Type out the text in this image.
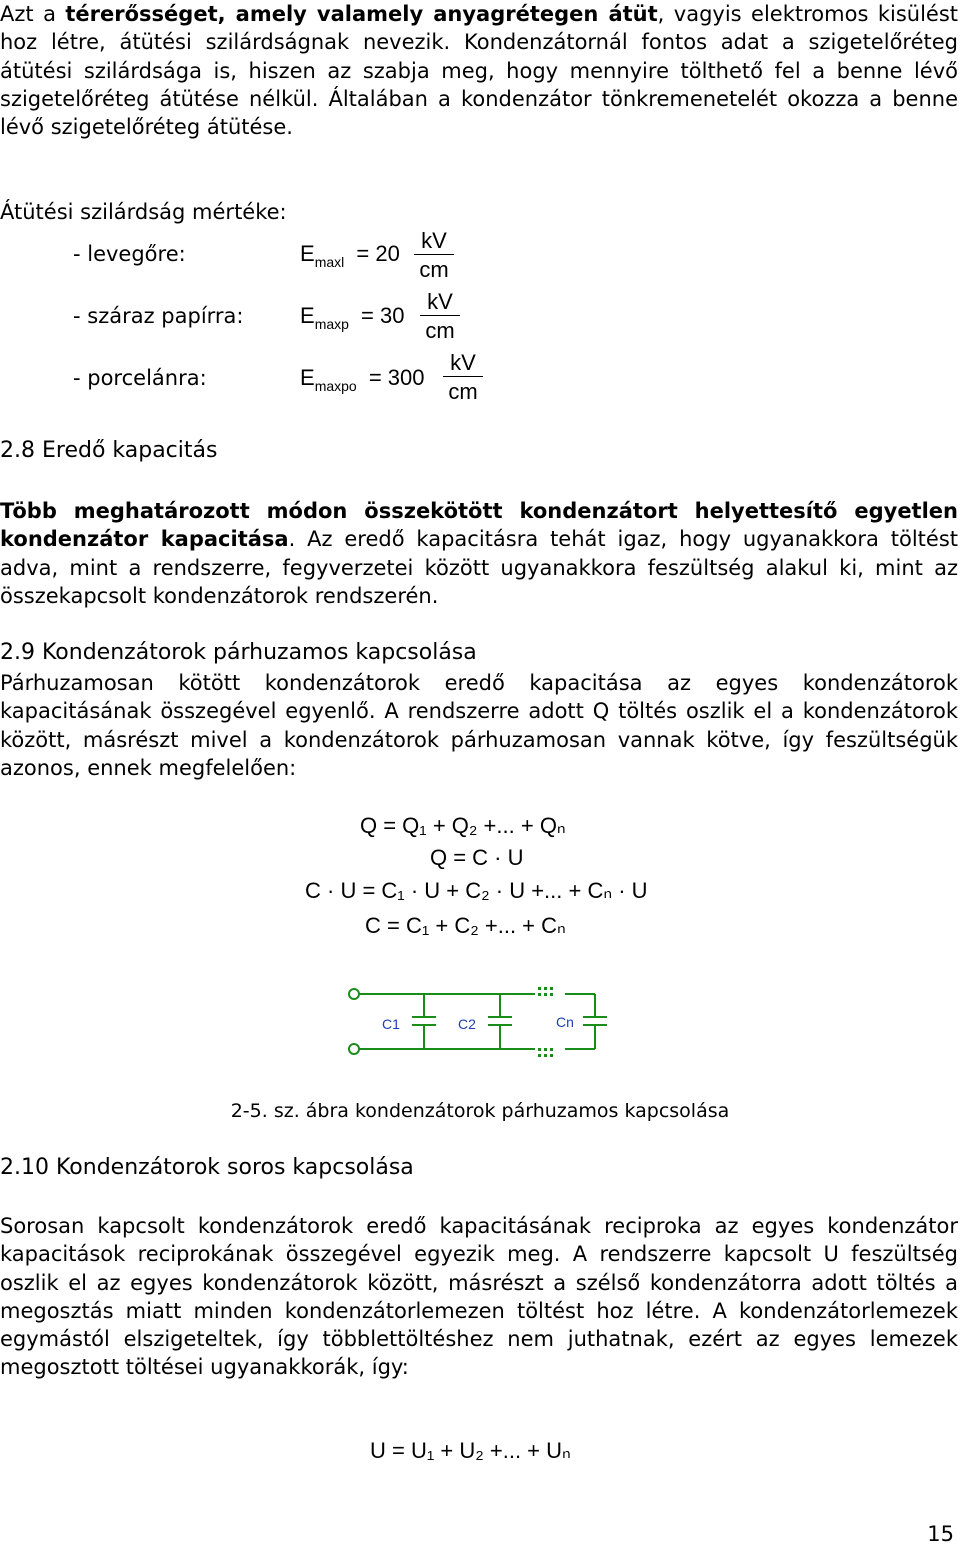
Azt a térerősséget, amely valamely anyagrétegen átüt, vagyis elektromos kisülést hoz létre, átütési szilárdságnak nevezik. Kondenzátornál fontos adat a szigetelőréteg átütési szilárdsága is, hiszen az szabja meg, hogy mennyire tölthető fel a benne lévő szigetelőréteg átütése nélkül. Általában a kondenzátor tönkremenetelét okozza a benne lévő szigetelőréteg átütése.

Átütési szilárdság mértéke:
- levegőre:	$E_{maxl} = 20 \frac{kV}{cm}$
- száraz papírra:	$E_{maxp} = 30 \frac{kV}{cm}$
- porcelánra:	$E_{maxpo} = 300 \frac{kV}{cm}$
2.8 Eredő kapacitás

Több meghatározott módon összekötött kondenzátort helyettesítő egyetlen kondenzátor kapacitása. Az eredő kapacitásra tehát igaz, hogy ugyanakkora töltést adva, mint a rendszerre, fegyverzetei között ugyanakkora feszültség alakul ki, mint az összekapcsolt kondenzátorok rendszerén.

2.9 Kondenzátorok párhuzamos kapcsolása

Párhuzamosan kötött kondenzátorok eredő kapacitása az egyes kondenzátorok kapacitásának összegével egyenlő. A rendszerre adott Q töltés oszlik el a kondenzátorok között, másrészt mivel a kondenzátorok párhuzamosan vannak kötve, így feszültségük azonos, ennek megfelelően:

Q = Q₁ + Q₂ +... + Qₙ
Q = C · U
C · U = C₁ · U + C₂ · U +... + Cₙ · U
C = C₁ + C₂ +... + Cₙ
C1	C2	Cn
2-5. sz. ábra kondenzátorok párhuzamos kapcsolása
2.10 Kondenzátorok soros kapcsolása

Sorosan kapcsolt kondenzátorok eredő kapacitásának reciproka az egyes kondenzátor kapacitások reciprokának összegével egyezik meg. A rendszerre kapcsolt U feszültség oszlik el az egyes kondenzátorok között, másrészt a szélső kondenzátorra adott töltés a megosztás miatt minden kondenzátorlemezen töltést hoz létre. A kondenzátorlemezek egymástól elszigeteltek, így többlettöltéshez nem juthatnak, ezért az egyes lemezek megosztott töltései ugyanakkorák, így:

U = U₁ + U₂ +... + Uₙ
15
